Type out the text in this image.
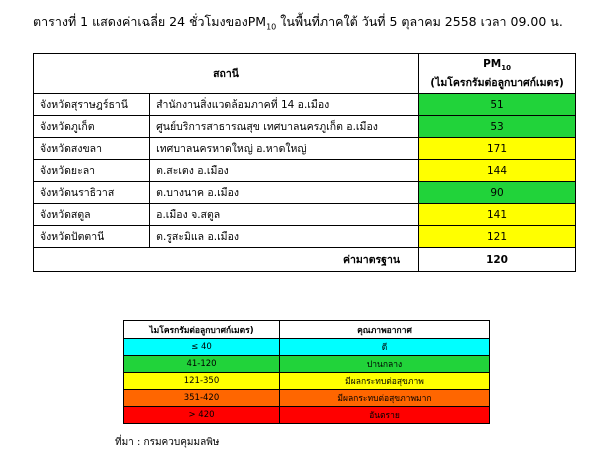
ตารางที่ 1 แสดงค่าเฉลี่ย 24 ชั่วโมงของ$PM_{10}$ ในพื้นที่ภาคใต้ วันที่ 5 ตุลาคม 2558 เวลา 09.00 น.
สถานี		$PM_{10}$
(ไมโครกรัมต่อลูกบาศก์เมตร)

จังหวัดสุราษฎร์ธานี	สำนักงานสิ่งแวดล้อมภาคที่ 14 อ.เมือง	51
จังหวัดภูเก็ต	ศูนย์บริการสาธารณสุข เทศบาลนครภูเก็ต อ.เมือง	53
จังหวัดสงขลา	เทศบาลนครหาดใหญ่ อ.หาดใหญ่	171
จังหวัดยะลา	ต.สะเตง อ.เมือง	144
จังหวัดนราธิวาส	ต.บางนาค อ.เมือง	90
จังหวัดสตูล	อ.เมือง จ.สตูล	141
จังหวัดปัตตานี	ต.รูสะมิแล อ.เมือง	121
ค่ามาตรฐาน		120
ไมโครกรัมต่อลูกบาศก์เมตร)	คุณภาพอากาศ
≤ 40	ดี
41-120	ปานกลาง
121-350	มีผลกระทบต่อสุขภาพ
351-420	มีผลกระทบต่อสุขภาพมาก
> 420	อันตราย
ที่มา : กรมควบคุมมลพิษ
